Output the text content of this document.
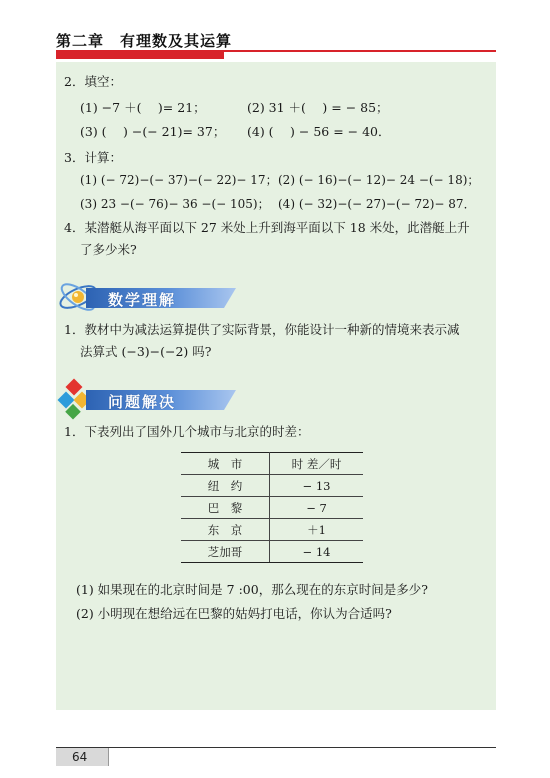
第二章　有理数及其运算
2．填空：
(1) −7 ＋(　 )= 21；	(2) 31 ＋(　 ) = − 85；
(3) (　 ) −(− 21)= 37； (4) (　 ) − 56 = − 40．
3．计算：
(1) (− 72)−(− 37)−(− 22)− 17； (2) (− 16)−(− 12)− 24 −(− 18)；
(3) 23 −(− 76)− 36 −(− 105)； (4) (− 32)−(− 27)−(− 72)− 87．
4．某潜艇从海平面以下 27 米处上升到海平面以下 18 米处，此潜艇上升
了多少米?
数学理解
1．教材中为减法运算提供了实际背景，你能设计一种新的情境来表示减
法算式 (−3)−(−2) 吗?
问题解决
1．下表列出了国外几个城市与北京的时差：
城　市	时 差／时
纽　约	− 13
巴　黎	− 7
东　京	＋1
芝加哥	− 14
(1) 如果现在的北京时间是 7 :00，那么现在的东京时间是多少?
(2) 小明现在想给远在巴黎的姑妈打电话，你认为合适吗?
64
